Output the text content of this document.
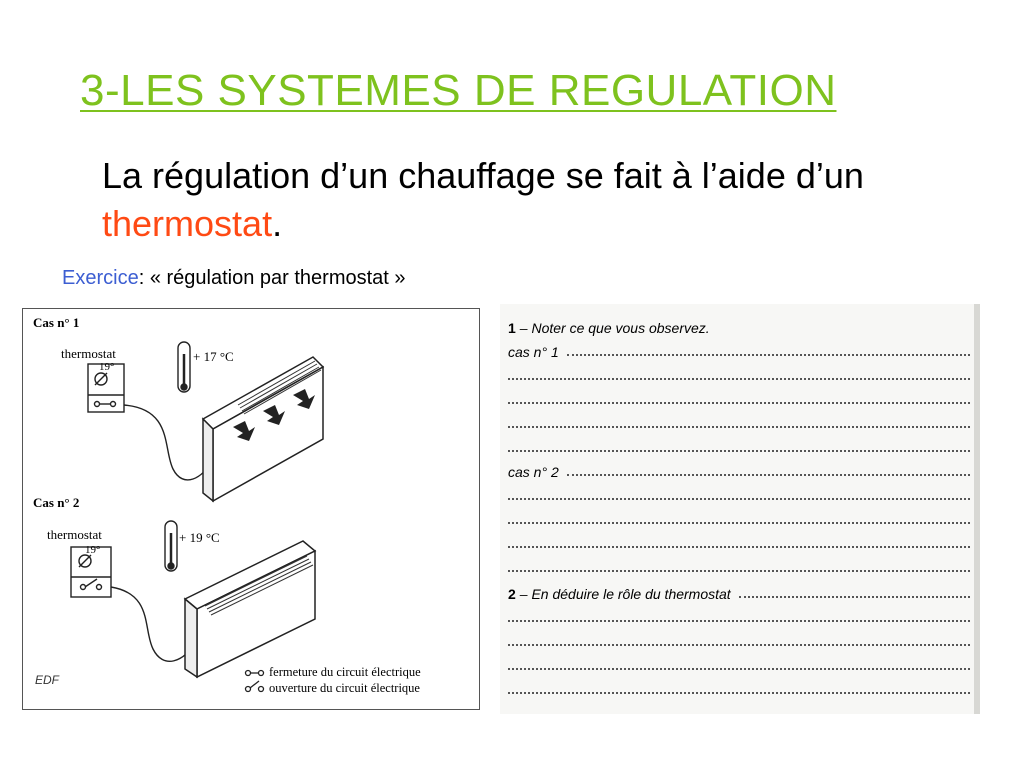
3-LES SYSTEMES DE REGULATION

La régulation d’un chauffage se fait à l’aide d’un thermostat.

Exercice: « régulation par thermostat »

Cas n° 1
thermostat
19°
+ 17 °C
Cas n° 2
thermostat
19°
+ 19 °C
fermeture du circuit électrique
ouverture du circuit électrique
EDF
1 – Noter ce que vous observez.
cas n° 1
cas n° 2
2 – En déduire le rôle du thermostat
